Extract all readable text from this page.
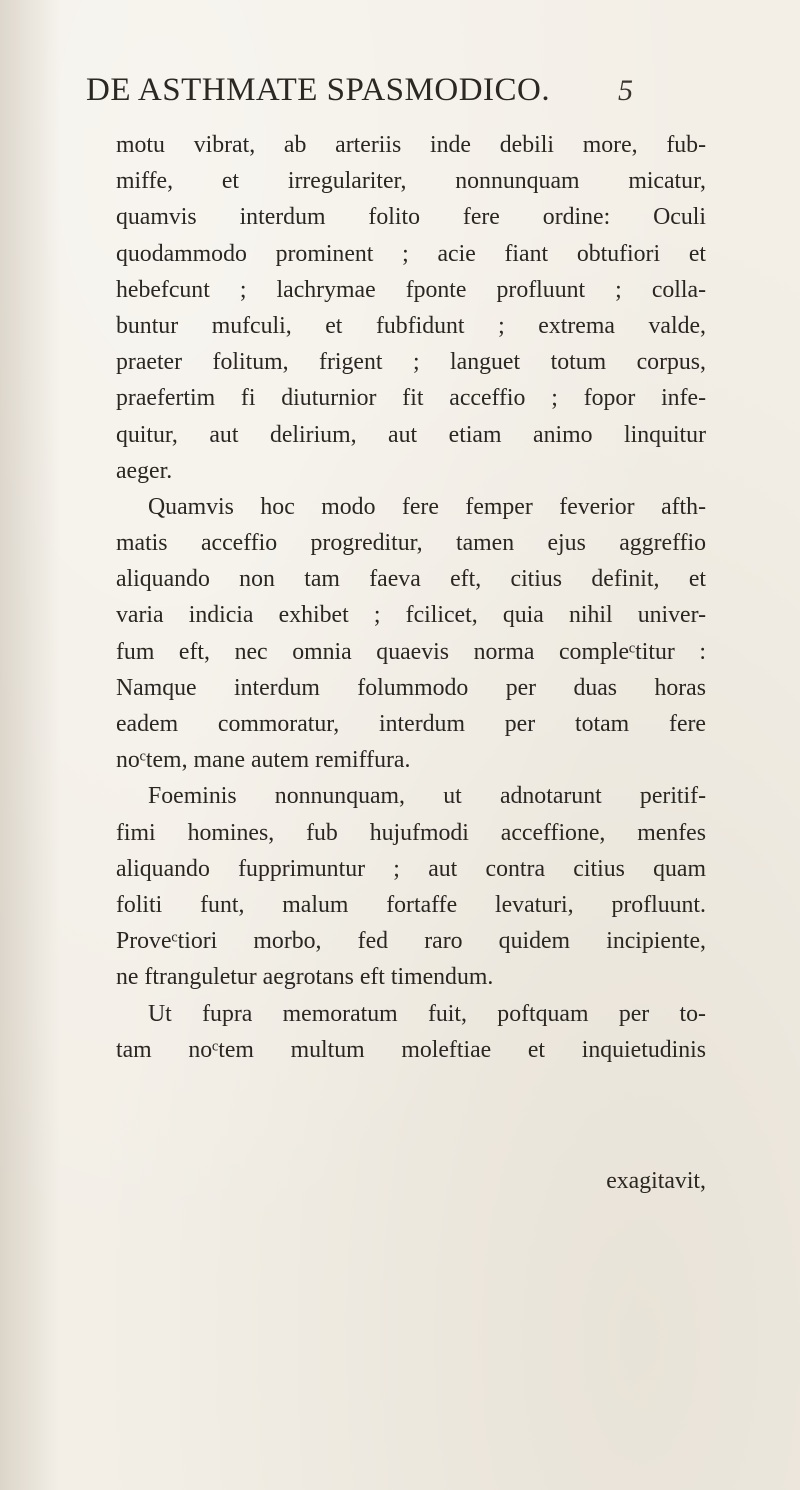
DE ASTHMATE SPASMODICO.	5
motu vibrat, ab arteriis inde debili more, fub-
miffe, et irregulariter, nonnunquam micatur,
quamvis interdum folito fere ordine: Oculi
quodammodo prominent ; acie fiant obtufiori et
hebefcunt ; lachrymae fponte profluunt ; colla-
buntur mufculi, et fubfidunt ; extrema valde,
praeter folitum, frigent ; languet totum corpus,
praefertim fi diuturnior fit acceffio ; fopor infe-
quitur, aut delirium, aut etiam animo linquitur
aeger.
Quamvis hoc modo fere femper feverior afth-
matis acceffio progreditur, tamen ejus aggreffio
aliquando non tam faeva eft, citius definit, et
varia indicia exhibet ; fcilicet, quia nihil univer-
fum eft, nec omnia quaevis norma compleᶜtitur :
Namque interdum folummodo per duas horas
eadem commoratur, interdum per totam fere
noᶜtem, mane autem remiffura.
Foeminis nonnunquam, ut adnotarunt peritif-
fimi homines, fub hujufmodi acceffione, menfes
aliquando fupprimuntur ; aut contra citius quam
foliti funt, malum fortaffe levaturi, profluunt.
Proveᶜtiori morbo, fed raro quidem incipiente,
ne ftranguletur aegrotans eft timendum.
Ut fupra memoratum fuit, poftquam per to-
tam noᶜtem multum moleftiae et inquietudinis
exagitavit,
